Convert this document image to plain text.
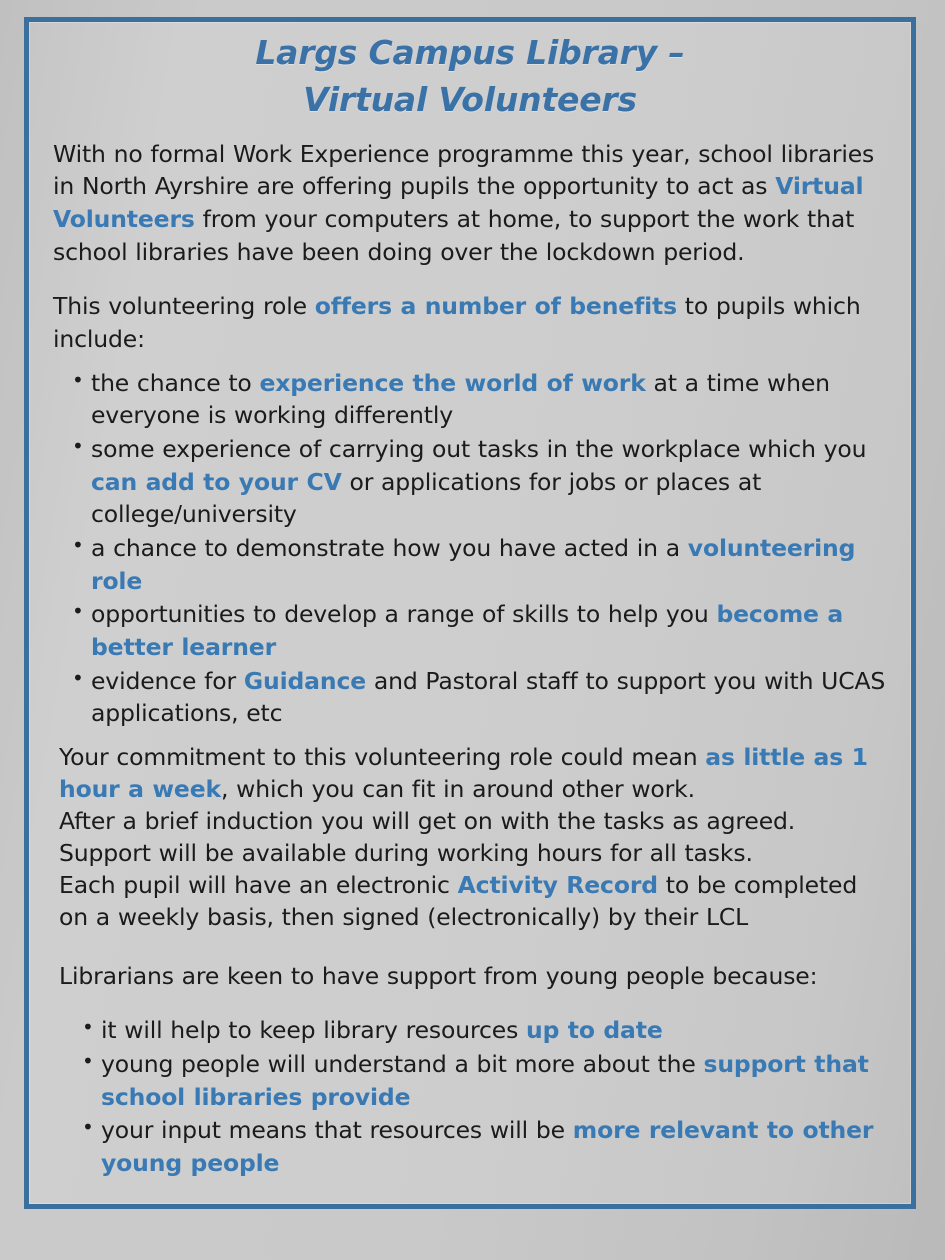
Largs Campus Library –
Virtual Volunteers

With no formal Work Experience programme this year, school libraries in North Ayrshire are offering pupils the opportunity to act as Virtual Volunteers from your computers at home, to support the work that school libraries have been doing over the lockdown period.

This volunteering role offers a number of benefits to pupils which include:

• the chance to experience the world of work at a time when everyone is working differently
• some experience of carrying out tasks in the workplace which you can add to your CV or applications for jobs or places at college/university
• a chance to demonstrate how you have acted in a volunteering role
• opportunities to develop a range of skills to help you become a better learner
• evidence for Guidance and Pastoral staff to support you with UCAS applications, etc

Your commitment to this volunteering role could mean as little as 1 hour a week, which you can fit in around other work.

After a brief induction you will get on with the tasks as agreed.

Support will be available during working hours for all tasks.

Each pupil will have an electronic Activity Record to be completed on a weekly basis, then signed (electronically) by their LCL

Librarians are keen to have support from young people because:

• it will help to keep library resources up to date
• young people will understand a bit more about the support that school libraries provide
• your input means that resources will be more relevant to other young people
